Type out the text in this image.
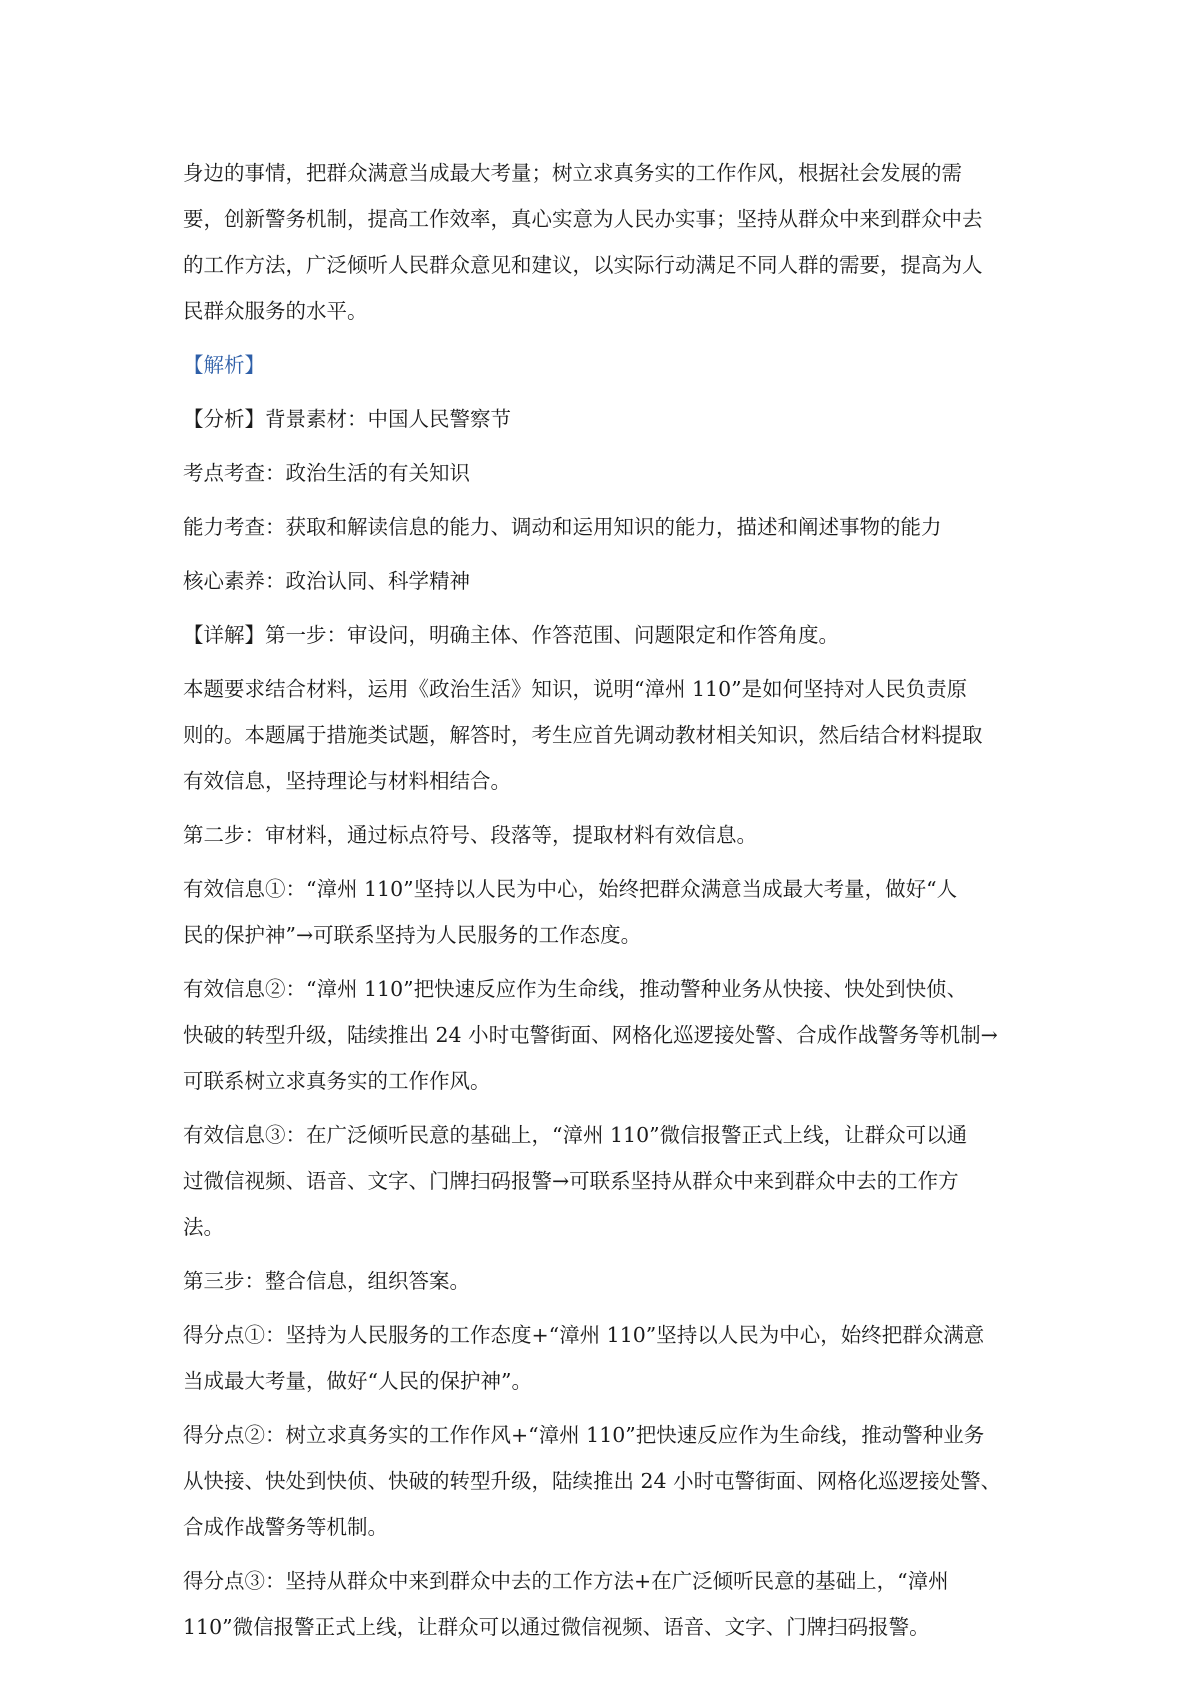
身边的事情，把群众满意当成最大考量；树立求真务实的工作作风，根据社会发展的需
要，创新警务机制，提高工作效率，真心实意为人民办实事；坚持从群众中来到群众中去
的工作方法，广泛倾听人民群众意见和建议，以实际行动满足不同人群的需要，提高为人
民群众服务的水平。
【解析】
【分析】背景素材：中国人民警察节
考点考查：政治生活的有关知识
能力考查：获取和解读信息的能力、调动和运用知识的能力，描述和阐述事物的能力
核心素养：政治认同、科学精神
【详解】第一步：审设问，明确主体、作答范围、问题限定和作答角度。
本题要求结合材料，运用《政治生活》知识，说明“漳州 110”是如何坚持对人民负责原
则的。本题属于措施类试题，解答时，考生应首先调动教材相关知识，然后结合材料提取
有效信息，坚持理论与材料相结合。
第二步：审材料，通过标点符号、段落等，提取材料有效信息。
有效信息①：“漳州 110”坚持以人民为中心，始终把群众满意当成最大考量，做好“人
民的保护神”→可联系坚持为人民服务的工作态度。
有效信息②：“漳州 110”把快速反应作为生命线，推动警种业务从快接、快处到快侦、
快破的转型升级，陆续推出 24 小时屯警街面、网格化巡逻接处警、合成作战警务等机制→
可联系树立求真务实的工作作风。
有效信息③：在广泛倾听民意的基础上，“漳州 110”微信报警正式上线，让群众可以通
过微信视频、语音、文字、门牌扫码报警→可联系坚持从群众中来到群众中去的工作方
法。
第三步：整合信息，组织答案。
得分点①：坚持为人民服务的工作态度+“漳州 110”坚持以人民为中心，始终把群众满意
当成最大考量，做好“人民的保护神”。
得分点②：树立求真务实的工作作风+“漳州 110”把快速反应作为生命线，推动警种业务
从快接、快处到快侦、快破的转型升级，陆续推出 24 小时屯警街面、网格化巡逻接处警、
合成作战警务等机制。
得分点③：坚持从群众中来到群众中去的工作方法+在广泛倾听民意的基础上，“漳州
110”微信报警正式上线，让群众可以通过微信视频、语音、文字、门牌扫码报警。
